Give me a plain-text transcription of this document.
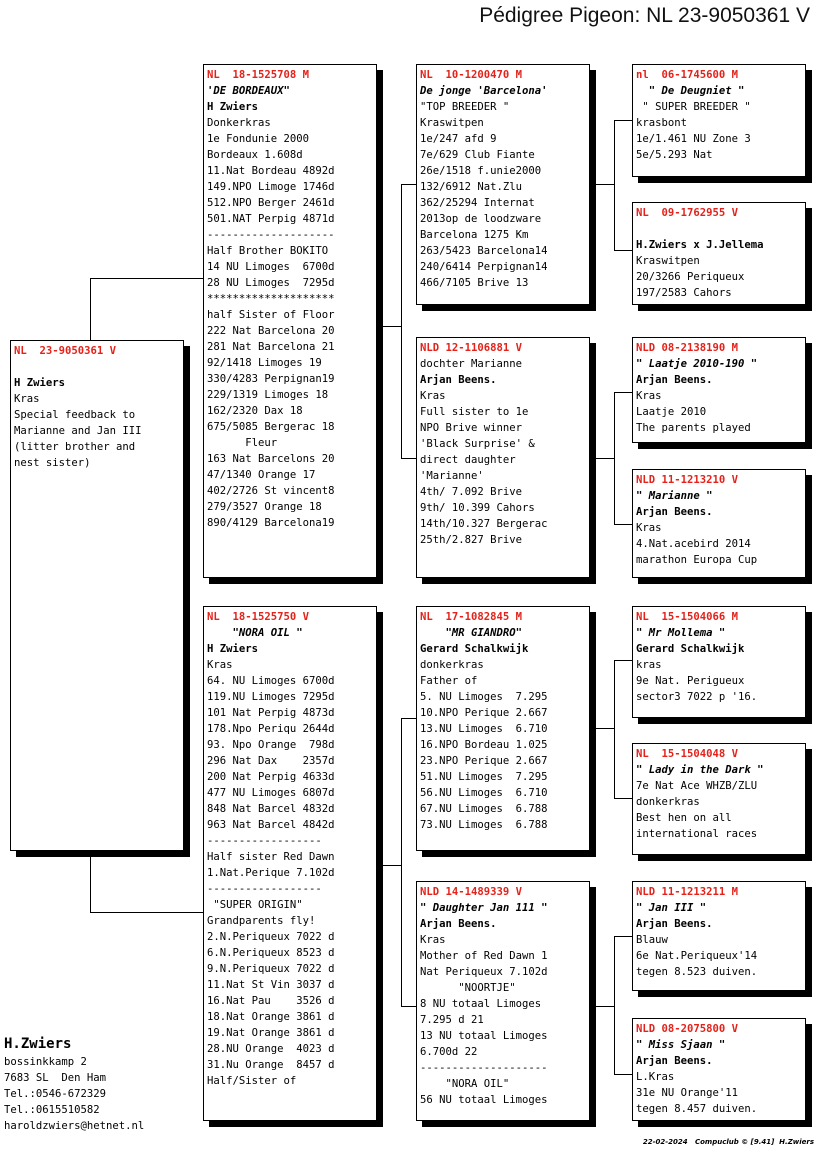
Pédigree Pigeon: NL 23-9050361 V
NL  23-9050361 V
H Zwiers
Kras
Special feedback to
Marianne and Jan III
(litter brother and
nest sister)
NL  18-1525708 M
'DE BORDEAUX"
H Zwiers
Donkerkras
1e Fondunie 2000
Bordeaux 1.608d
11.Nat Bordeau 4892d
149.NPO Limoge 1746d
512.NPO Berger 2461d
501.NAT Perpig 4871d
--------------------
Half Brother BOKITO
14 NU Limoges  6700d
28 NU Limoges  7295d
********************
half Sister of Floor
222 Nat Barcelona 20
281 Nat Barcelona 21
92/1418 Limoges 19
330/4283 Perpignan19
229/1319 Limoges 18
162/2320 Dax 18
675/5085 Bergerac 18
Fleur
163 Nat Barcelons 20
47/1340 Orange 17
402/2726 St vincent8
279/3527 Orange 18
890/4129 Barcelona19
NL  18-1525750 V
"NORA OIL "
H Zwiers
Kras
64. NU Limoges 6700d
119.NU Limoges 7295d
101 Nat Perpig 4873d
178.Npo Periqu 2644d
93. Npo Orange  798d
296 Nat Dax    2357d
200 Nat Perpig 4633d
477 NU Limoges 6807d
848 Nat Barcel 4832d
963 Nat Barcel 4842d
------------------
Half sister Red Dawn
1.Nat.Perique 7.102d
------------------
"SUPER ORIGIN"
Grandparents fly!
2.N.Periqueux 7022 d
6.N.Periqueux 8523 d
9.N.Periqueux 7022 d
11.Nat St Vin 3037 d
16.Nat Pau    3526 d
18.Nat Orange 3861 d
19.Nat Orange 3861 d
28.NU Orange  4023 d
31.Nu Orange  8457 d
Half/Sister of
NL  10-1200470 M
De jonge 'Barcelona'
"TOP BREEDER "
Kraswitpen
1e/247 afd 9
7e/629 Club Fiante
26e/1518 f.unie2000
132/6912 Nat.Zlu
362/25294 Internat
2013op de loodzware
Barcelona 1275 Km
263/5423 Barcelona14
240/6414 Perpignan14
466/7105 Brive 13
NLD 12-1106881 V
dochter Marianne
Arjan Beens.
Kras
Full sister to 1e
NPO Brive winner
'Black Surprise' &
direct daughter
'Marianne'
4th/ 7.092 Brive
9th/ 10.399 Cahors
14th/10.327 Bergerac
25th/2.827 Brive
NL  17-1082845 M
"MR GIANDRO"
Gerard Schalkwijk
donkerkras
Father of
5. NU Limoges  7.295
10.NPO Perique 2.667
13.NU Limoges  6.710
16.NPO Bordeau 1.025
23.NPO Perique 2.667
51.NU Limoges  7.295
56.NU Limoges  6.710
67.NU Limoges  6.788
73.NU Limoges  6.788
NLD 14-1489339 V
" Daughter Jan 111 "
Arjan Beens.
Kras
Mother of Red Dawn 1
Nat Periqueux 7.102d
"NOORTJE"
8 NU totaal Limoges
7.295 d 21
13 NU totaal Limoges
6.700d 22
--------------------
"NORA OIL"
56 NU totaal Limoges
nl  06-1745600 M
" De Deugniet "
" SUPER BREEDER "
krasbont
1e/1.461 NU Zone 3
5e/5.293 Nat
NL  09-1762955 V
H.Zwiers x J.Jellema
Kraswitpen
20/3266 Periqueux
197/2583 Cahors
NLD 08-2138190 M
" Laatje 2010-190 "
Arjan Beens.
Kras
Laatje 2010
The parents played
NLD 11-1213210 V
" Marianne "
Arjan Beens.
Kras
4.Nat.acebird 2014
marathon Europa Cup
NL  15-1504066 M
" Mr Mollema "
Gerard Schalkwijk
kras
9e Nat. Perigueux
sector3 7022 p '16.
NL  15-1504048 V
" Lady in the Dark "
7e Nat Ace WHZB/ZLU
donkerkras
Best hen on all
international races
NLD 11-1213211 M
" Jan III "
Arjan Beens.
Blauw
6e Nat.Periqueux'14
tegen 8.523 duiven.
NLD 08-2075800 V
" Miss Sjaan "
Arjan Beens.
L.Kras
31e NU Orange'11
tegen 8.457 duiven.
H.Zwiers
bossinkkamp 2
7683 SL  Den Ham
Tel.:0546-672329
Tel.:0615510582
haroldzwiers@hetnet.nl
22-02-2024   Compuclub © [9.41]  H.Zwiers
